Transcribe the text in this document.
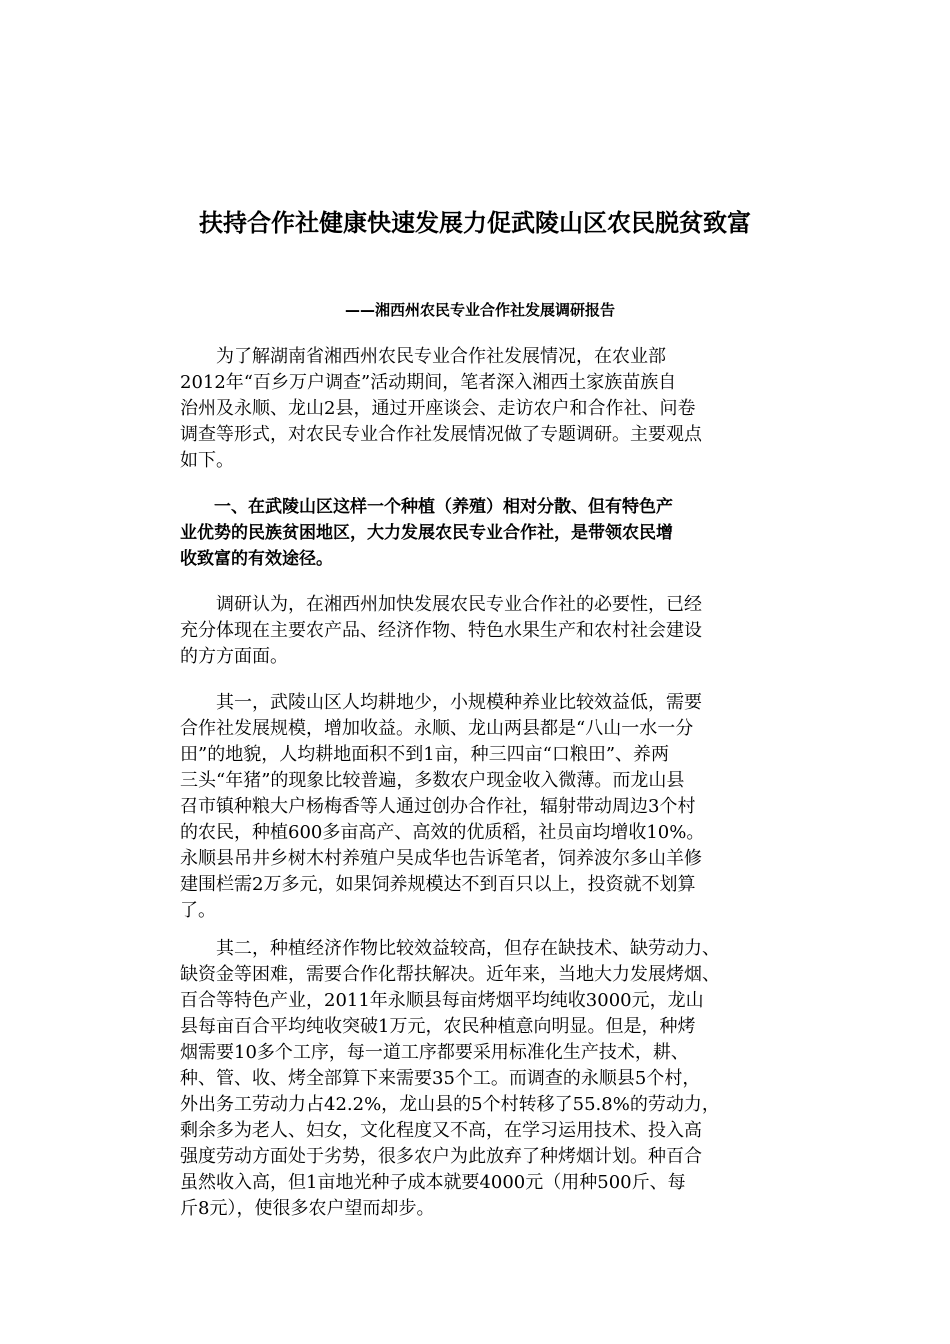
扶持合作社健康快速发展力促武陵山区农民脱贫致富
——湘西州农民专业合作社发展调研报告
　　为了解湖南省湘西州农民专业合作社发展情况，在农业部
2012年“百乡万户调查”活动期间，笔者深入湘西土家族苗族自
治州及永顺、龙山2县，通过开座谈会、走访农户和合作社、问卷
调查等形式，对农民专业合作社发展情况做了专题调研。主要观点
如下。
　　一、在武陵山区这样一个种植（养殖）相对分散、但有特色产
业优势的民族贫困地区，大力发展农民专业合作社，是带领农民增
收致富的有效途径。
　　调研认为，在湘西州加快发展农民专业合作社的必要性，已经
充分体现在主要农产品、经济作物、特色水果生产和农村社会建设
的方方面面。
　　其一，武陵山区人均耕地少，小规模种养业比较效益低，需要
合作社发展规模，增加收益。永顺、龙山两县都是“八山一水一分
田”的地貌，人均耕地面积不到1亩，种三四亩“口粮田”、养两
三头“年猪”的现象比较普遍，多数农户现金收入微薄。而龙山县
召市镇种粮大户杨梅香等人通过创办合作社，辐射带动周边3个村
的农民，种植600多亩高产、高效的优质稻，社员亩均增收10%。
永顺县吊井乡树木村养殖户吴成华也告诉笔者，饲养波尔多山羊修
建围栏需2万多元，如果饲养规模达不到百只以上，投资就不划算
了。
　　其二，种植经济作物比较效益较高，但存在缺技术、缺劳动力、
缺资金等困难，需要合作化帮扶解决。近年来，当地大力发展烤烟、
百合等特色产业，2011年永顺县每亩烤烟平均纯收3000元，龙山
县每亩百合平均纯收突破1万元，农民种植意向明显。但是，种烤
烟需要10多个工序，每一道工序都要采用标准化生产技术，耕、
种、管、收、烤全部算下来需要35个工。而调查的永顺县5个村，
外出务工劳动力占42.2%，龙山县的5个村转移了55.8%的劳动力，
剩余多为老人、妇女，文化程度又不高，在学习运用技术、投入高
强度劳动方面处于劣势，很多农户为此放弃了种烤烟计划。种百合
虽然收入高，但1亩地光种子成本就要4000元（用种500斤、每
斤8元），使很多农户望而却步。
